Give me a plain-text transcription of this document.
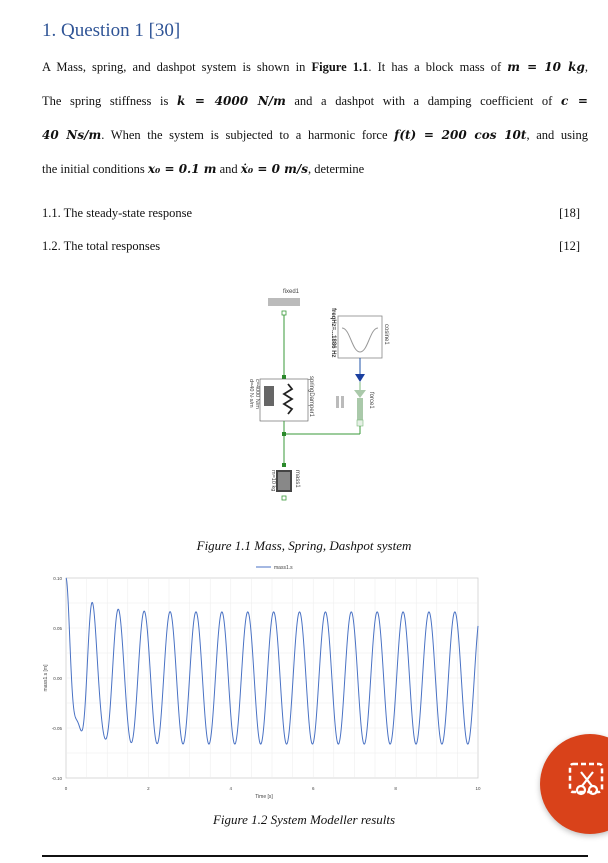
1. Question 1 [30]
A Mass, spring, and dashpot system is shown in Figure 1.1. It has a block mass of m = 10 kg,
The spring stiffness is k = 4000 N/m and a dashpot with a damping coefficient of c =
40 Ns/m. When the system is subjected to a harmonic force f(t) = 200 cos 10t, and using
the initial conditions x₀ = 0.1 m and ẋ₀ = 0 m/s, determine
1.1. The steady-state response	[18]
1.2. The total responses	[12]
fixed1
springDamper1
c=4000 N/m
d=40 N·s/m
mass1
m=10 kg
cosine1
freqHz=...1886 Hz
force1
Figure 1.1 Mass, Spring, Dashpot system
mass1.s
0.10
0.05
0.00
-0.05
-0.10
0	2	4	6	8	10
Time [s]
mass1.s [m]
Figure 1.2 System Modeller results
